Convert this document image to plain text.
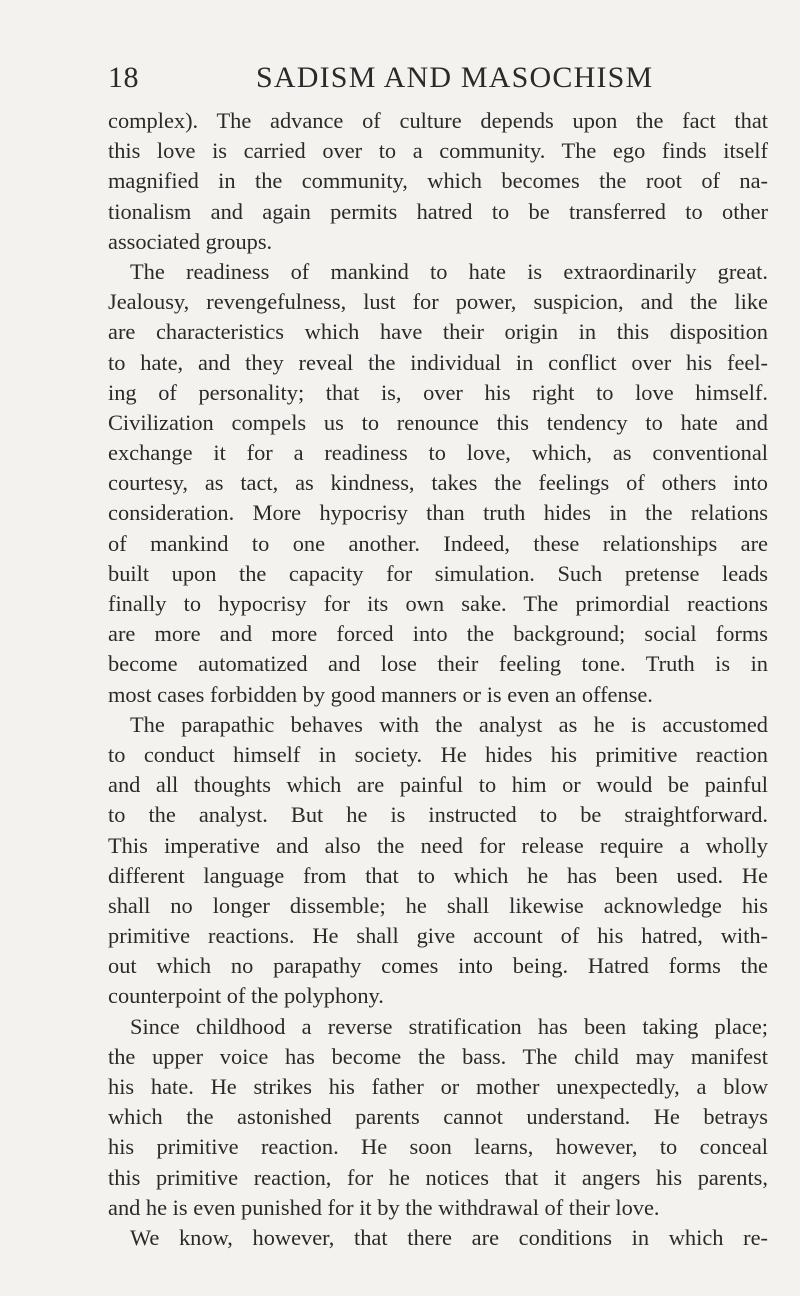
18	SADISM AND MASOCHISM
complex). The advance of culture depends upon the fact that
this love is carried over to a community. The ego finds itself
magnified in the community, which becomes the root of na-
tionalism and again permits hatred to be transferred to other
associated groups.
The readiness of mankind to hate is extraordinarily great.
Jealousy, revengefulness, lust for power, suspicion, and the like
are characteristics which have their origin in this disposition
to hate, and they reveal the individual in conflict over his feel-
ing of personality; that is, over his right to love himself.
Civilization compels us to renounce this tendency to hate and
exchange it for a readiness to love, which, as conventional
courtesy, as tact, as kindness, takes the feelings of others into
consideration. More hypocrisy than truth hides in the relations
of mankind to one another. Indeed, these relationships are
built upon the capacity for simulation. Such pretense leads
finally to hypocrisy for its own sake. The primordial reactions
are more and more forced into the background; social forms
become automatized and lose their feeling tone. Truth is in
most cases forbidden by good manners or is even an offense.
The parapathic behaves with the analyst as he is accustomed
to conduct himself in society. He hides his primitive reaction
and all thoughts which are painful to him or would be painful
to the analyst. But he is instructed to be straightforward.
This imperative and also the need for release require a wholly
different language from that to which he has been used. He
shall no longer dissemble; he shall likewise acknowledge his
primitive reactions. He shall give account of his hatred, with-
out which no parapathy comes into being. Hatred forms the
counterpoint of the polyphony.
Since childhood a reverse stratification has been taking place;
the upper voice has become the bass. The child may manifest
his hate. He strikes his father or mother unexpectedly, a blow
which the astonished parents cannot understand. He betrays
his primitive reaction. He soon learns, however, to conceal
this primitive reaction, for he notices that it angers his parents,
and he is even punished for it by the withdrawal of their love.
We know, however, that there are conditions in which re-
